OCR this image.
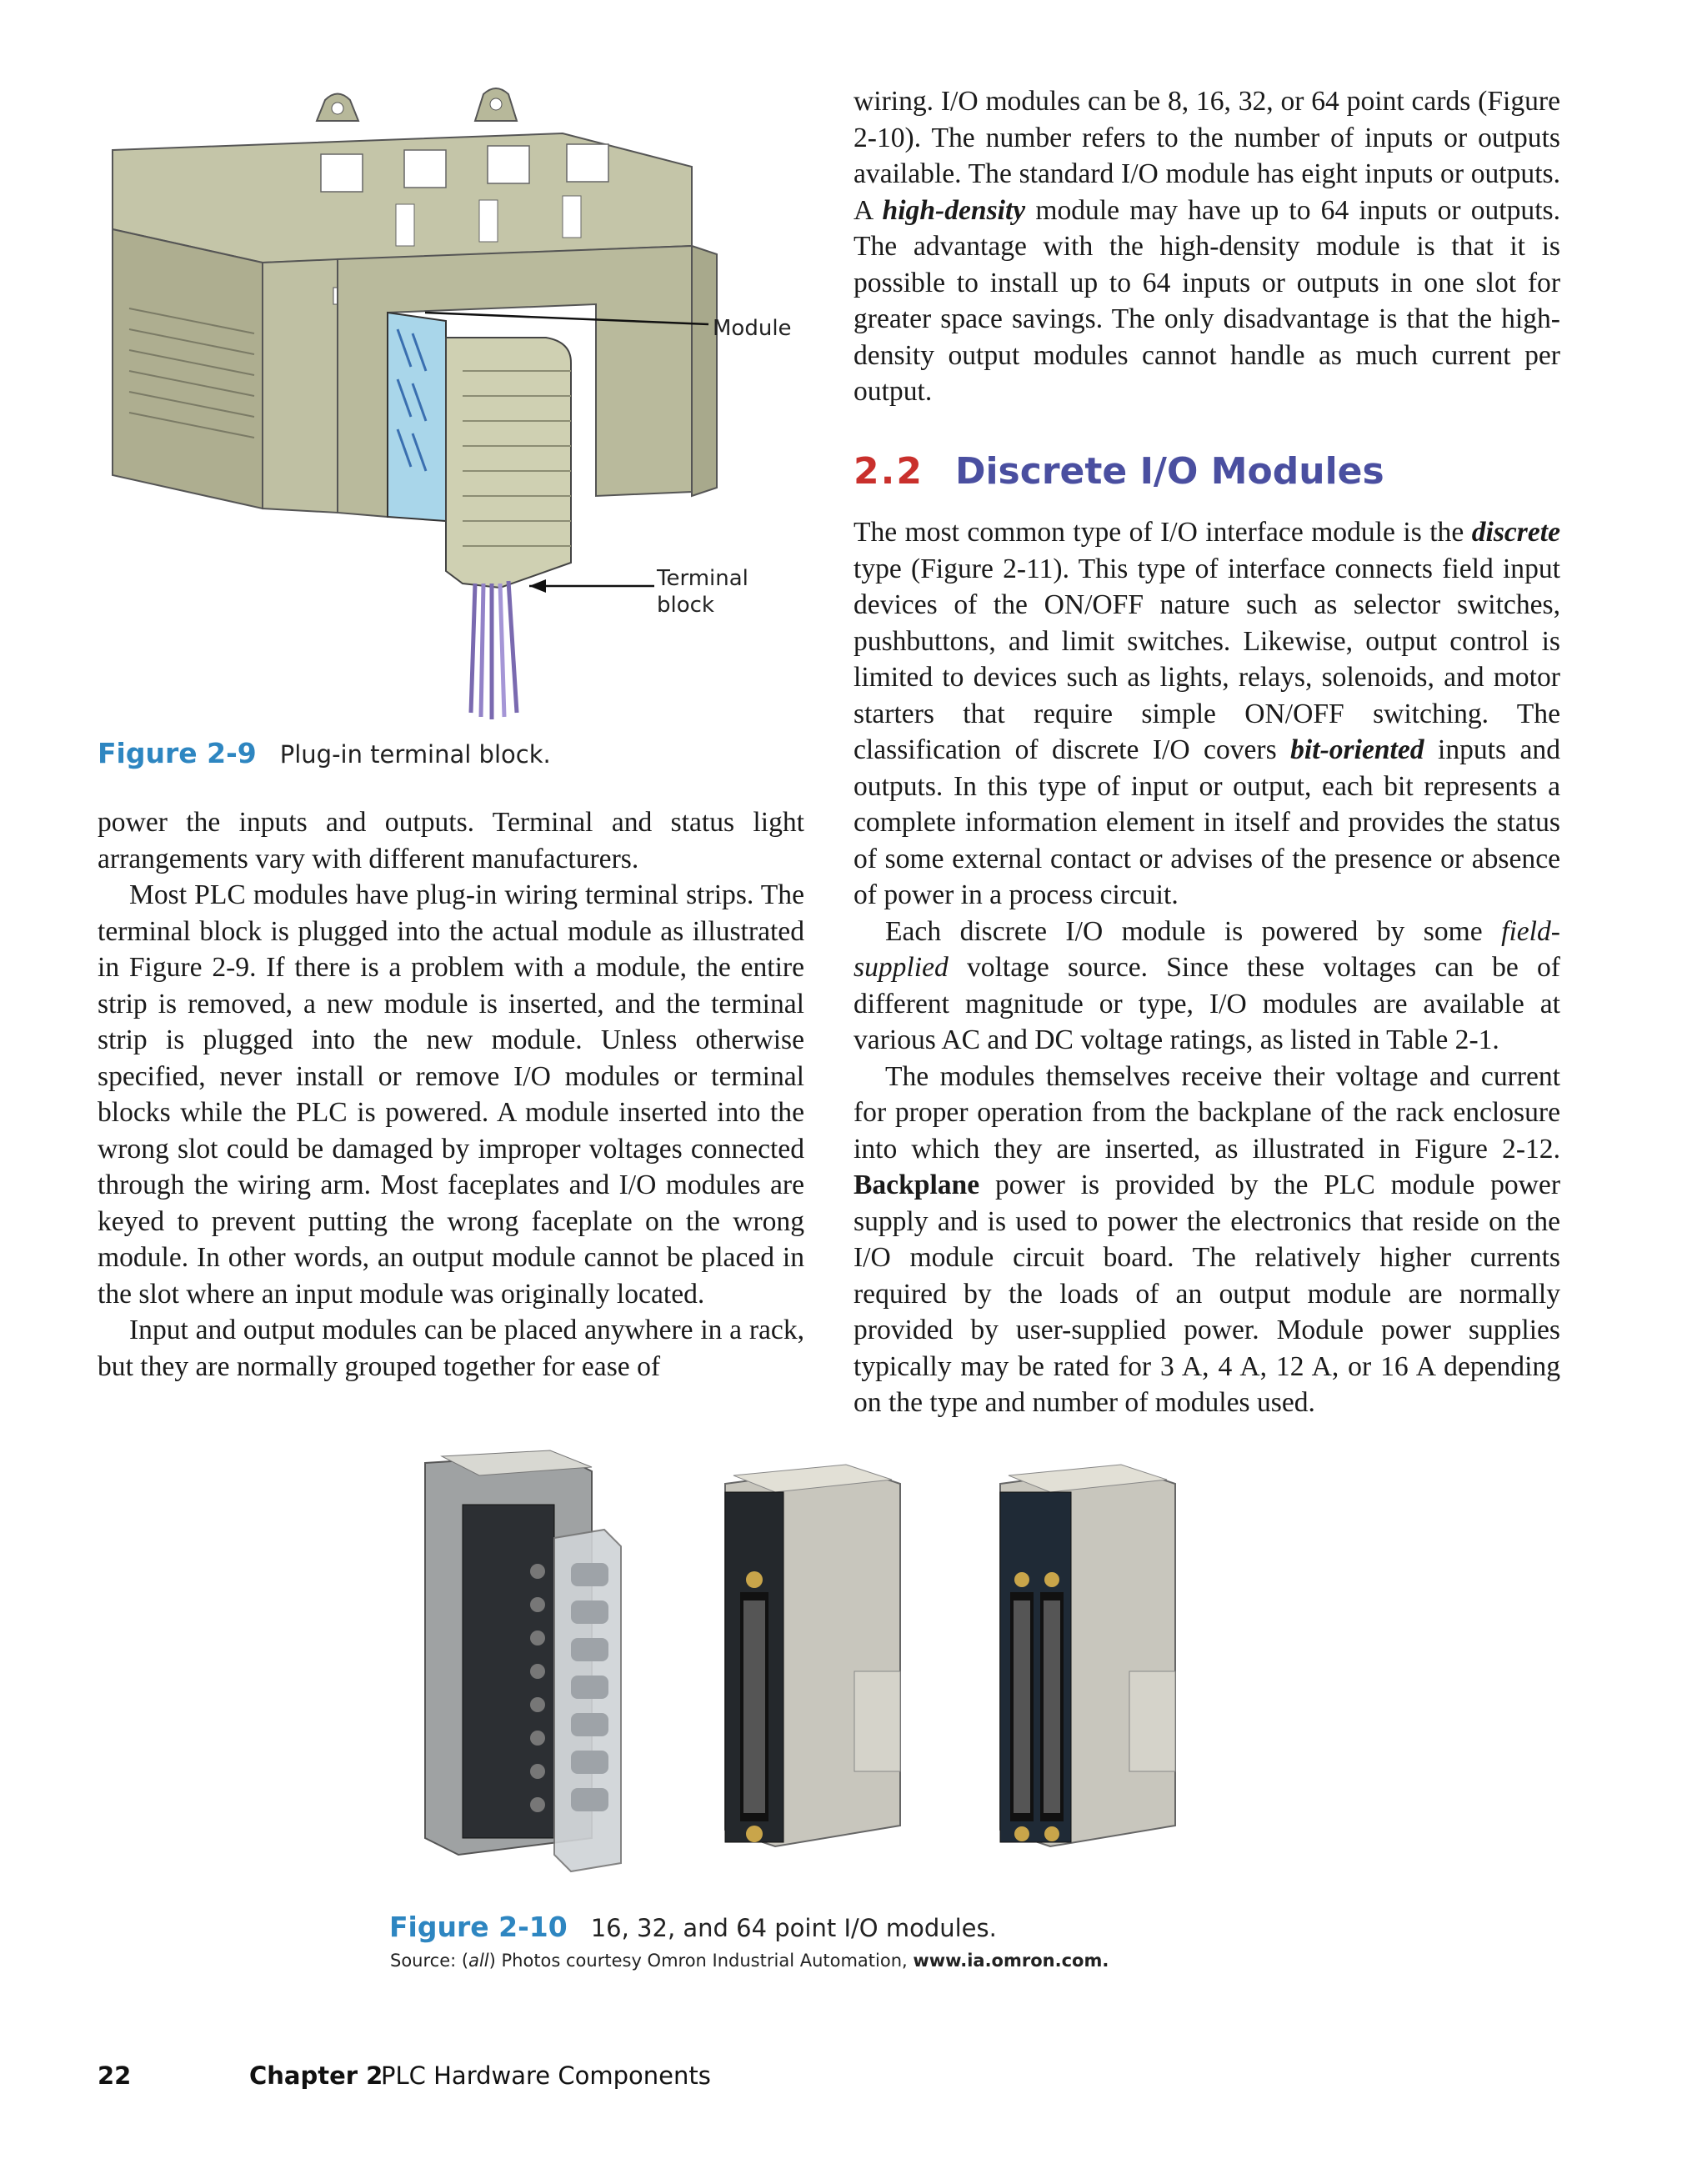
Module
Terminal
block
Figure 2-9 Plug-in terminal block.

wiring. I/O modules can be 8, 16, 32, or 64 point cards (Figure 2-10). The number refers to the number of inputs or outputs available. The standard I/O module has eight inputs or outputs. A high-density module may have up to 64 inputs or outputs. The advantage with the high-density module is that it is possible to install up to 64 inputs or outputs in one slot for greater space savings. The only disadvantage is that the high-density output modules cannot handle as much current per output.

2.2 Discrete I/O Modules

The most common type of I/O interface module is the discrete type (Figure 2-11). This type of interface connects field input devices of the ON/OFF nature such as selector switches, pushbuttons, and limit switches. Likewise, output control is limited to devices such as lights, relays, solenoids, and motor starters that require simple ON/OFF switching. The classification of discrete I/O covers bit-oriented inputs and outputs. In this type of input or output, each bit represents a complete information element in itself and provides the status of some external contact or advises of the presence or absence of power in a process circuit.

Each discrete I/O module is powered by some field-supplied voltage source. Since these voltages can be of different magnitude or type, I/O modules are available at various AC and DC voltage ratings, as listed in Table 2-1.

The modules themselves receive their voltage and current for proper operation from the backplane of the rack enclosure into which they are inserted, as illustrated in Figure 2-12. Backplane power is provided by the PLC module power supply and is used to power the electronics that reside on the I/O module circuit board. The relatively higher currents required by the loads of an output module are normally provided by user-supplied power. Module power supplies typically may be rated for 3 A, 4 A, 12 A, or 16 A depending on the type and number of modules used.

power the inputs and outputs. Terminal and status light arrangements vary with different manufacturers.

Most PLC modules have plug-in wiring terminal strips. The terminal block is plugged into the actual module as illustrated in Figure 2-9. If there is a problem with a module, the entire strip is removed, a new module is inserted, and the terminal strip is plugged into the new module. Unless otherwise specified, never install or remove I/O modules or terminal blocks while the PLC is powered. A module inserted into the wrong slot could be damaged by improper voltages connected through the wiring arm. Most faceplates and I/O modules are keyed to prevent putting the wrong faceplate on the wrong module. In other words, an output module cannot be placed in the slot where an input module was originally located.

Input and output modules can be placed anywhere in a rack, but they are normally grouped together for ease of

Figure 2-10 16, 32, and 64 point I/O modules.
Source: (all) Photos courtesy Omron Industrial Automation, www.ia.omron.com.
22	Chapter 2
PLC Hardware Components
